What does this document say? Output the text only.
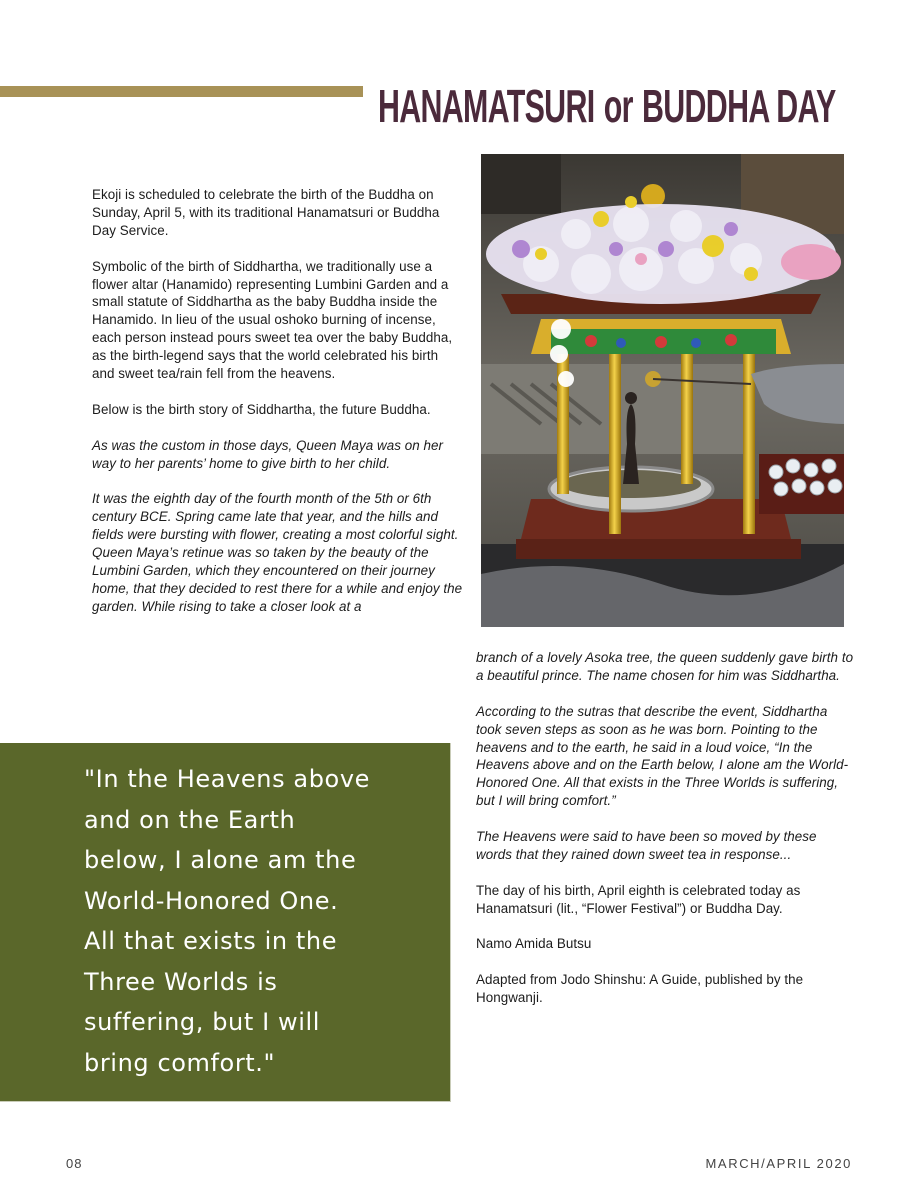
HANAMATSURI or BUDDHA DAY

Ekoji is scheduled to celebrate the birth of the Buddha on Sunday, April 5, with its traditional Hanamatsuri or Buddha Day Service.

Symbolic of the birth of Siddhartha, we traditionally use a flower altar (Hanamido) representing Lumbini Garden and a small statute of Siddhartha as the baby Buddha inside the Hanamido. In lieu of the usual oshoko burning of incense, each person instead pours sweet tea over the baby Buddha, as the birth-legend says that the world celebrated his birth and sweet tea/rain fell from the heavens.

Below is the birth story of Siddhartha, the future Buddha.

As was the custom in those days, Queen Maya was on her way to her parents’ home to give birth to her child.

It was the eighth day of the fourth month of the 5th or 6th century BCE. Spring came late that year, and the hills and fields were bursting with flower, creating a most colorful sight. Queen Maya’s retinue was so taken by the beauty of the Lumbini Garden, which they encountered on their journey home, that they decided to rest there for a while and enjoy the garden. While rising to take a closer look at a

branch of a lovely Asoka tree, the queen suddenly gave birth to a beautiful prince. The name chosen for him was Siddhartha.

According to the sutras that describe the event, Siddhartha took seven steps as soon as he was born. Pointing to the heavens and to the earth, he said in a loud voice, “In the Heavens above and on the Earth below, I alone am the World-Honored One. All that exists in the Three Worlds is suffering, but I will bring comfort.”

The Heavens were said to have been so moved by these words that they rained down sweet tea in response...

The day of his birth, April eighth is celebrated today as Hanamatsuri (lit., “Flower Festival”) or Buddha Day.

Namo Amida Butsu

Adapted from Jodo Shinshu: A Guide, published by the Hongwanji.

"In the Heavens above
and on the Earth
below, I alone am the
World-Honored One.
All that exists in the
Three Worlds is
suffering, but I will
bring comfort."
08	MARCH/APRIL 2020
